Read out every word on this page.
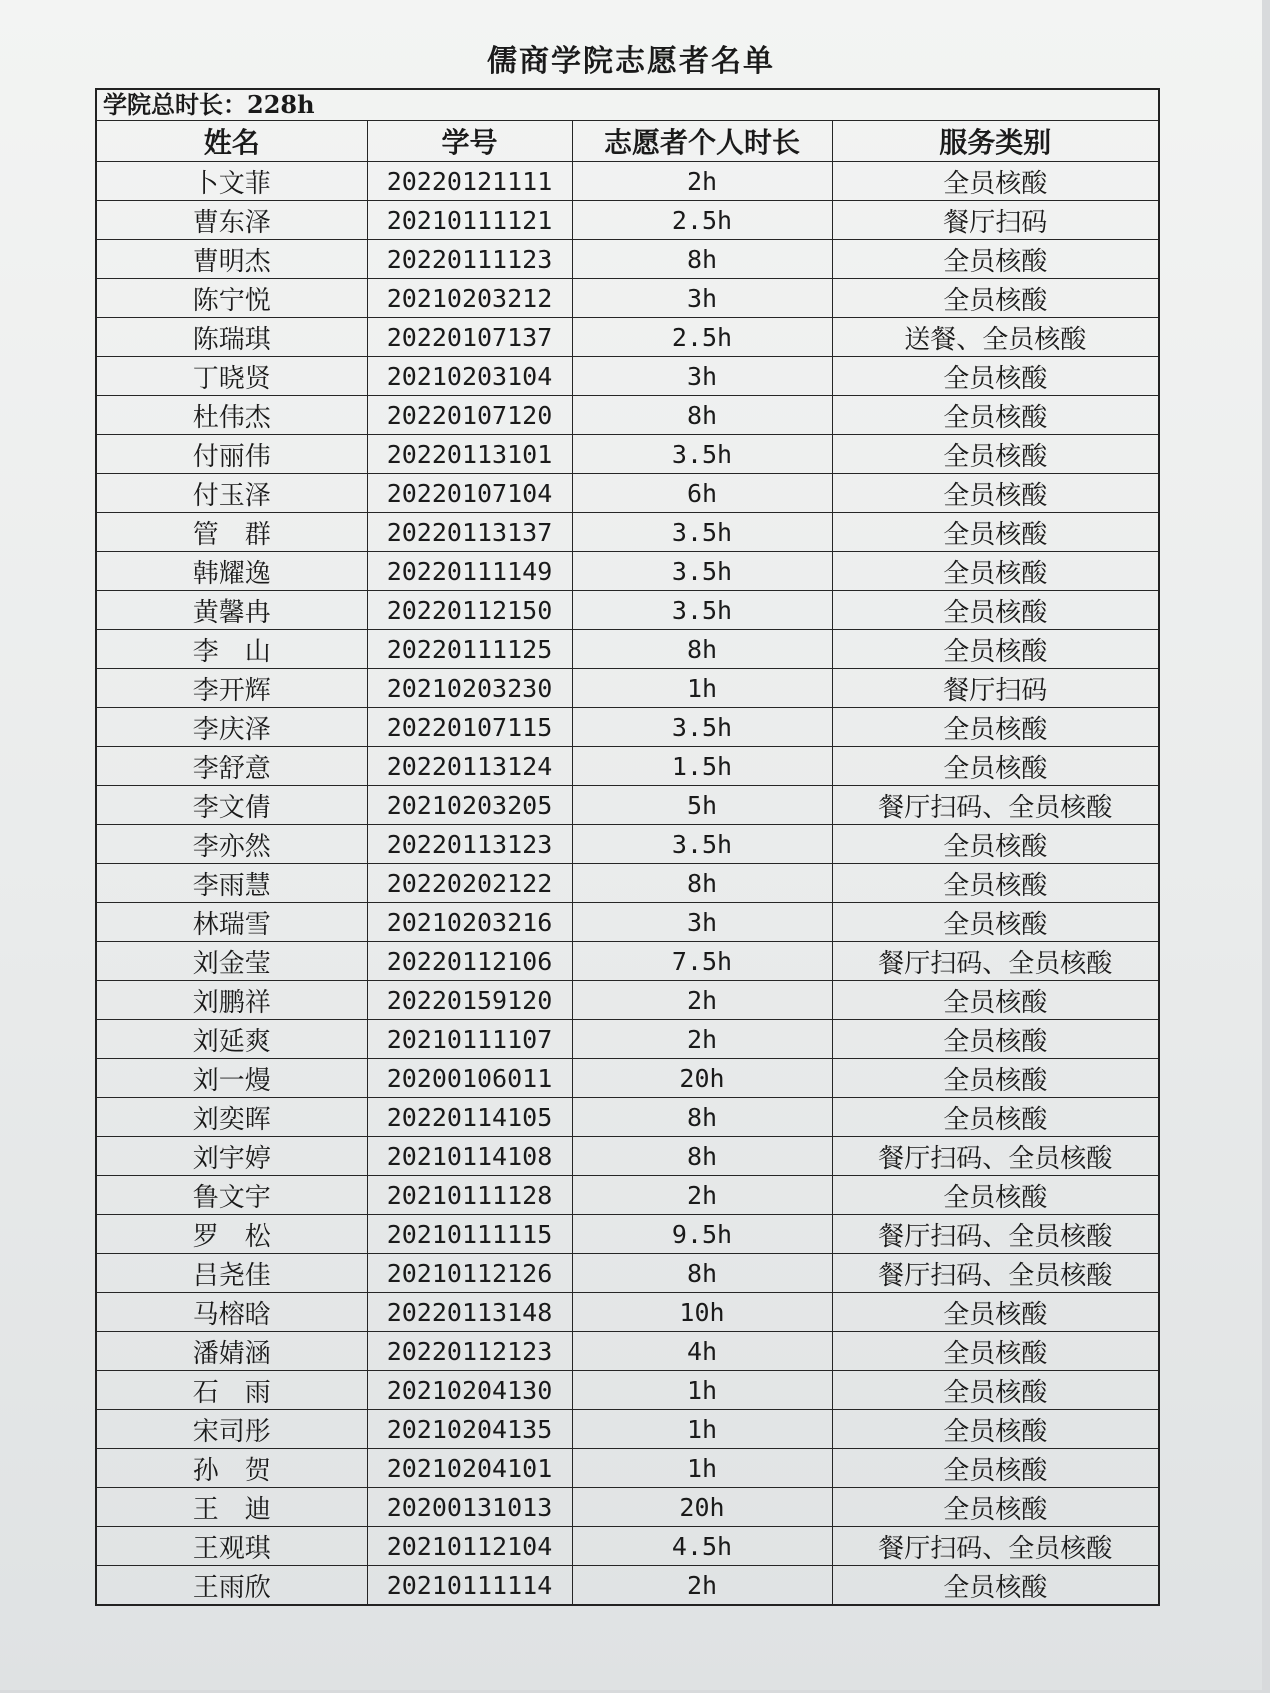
儒商学院志愿者名单
学院总时长：228h
姓名	学号	志愿者个人时长	服务类别
卜文菲	20220121111	2h	全员核酸
曹东泽	20210111121	2.5h	餐厅扫码
曹明杰	20220111123	8h	全员核酸
陈宁悦	20210203212	3h	全员核酸
陈瑞琪	20220107137	2.5h	送餐、全员核酸
丁晓贤	20210203104	3h	全员核酸
杜伟杰	20220107120	8h	全员核酸
付丽伟	20220113101	3.5h	全员核酸
付玉泽	20220107104	6h	全员核酸
管　群	20220113137	3.5h	全员核酸
韩耀逸	20220111149	3.5h	全员核酸
黄馨冉	20220112150	3.5h	全员核酸
李　山	20220111125	8h	全员核酸
李开辉	20210203230	1h	餐厅扫码
李庆泽	20220107115	3.5h	全员核酸
李舒意	20220113124	1.5h	全员核酸
李文倩	20210203205	5h	餐厅扫码、全员核酸
李亦然	20220113123	3.5h	全员核酸
李雨慧	20220202122	8h	全员核酸
林瑞雪	20210203216	3h	全员核酸
刘金莹	20220112106	7.5h	餐厅扫码、全员核酸
刘鹏祥	20220159120	2h	全员核酸
刘延爽	20210111107	2h	全员核酸
刘一熳	20200106011	20h	全员核酸
刘奕晖	20220114105	8h	全员核酸
刘宇婷	20210114108	8h	餐厅扫码、全员核酸
鲁文宇	20210111128	2h	全员核酸
罗　松	20210111115	9.5h	餐厅扫码、全员核酸
吕尧佳	20210112126	8h	餐厅扫码、全员核酸
马榕晗	20220113148	10h	全员核酸
潘婧涵	20220112123	4h	全员核酸
石　雨	20210204130	1h	全员核酸
宋司彤	20210204135	1h	全员核酸
孙　贺	20210204101	1h	全员核酸
王　迪	20200131013	20h	全员核酸
王观琪	20210112104	4.5h	餐厅扫码、全员核酸
王雨欣	20210111114	2h	全员核酸
